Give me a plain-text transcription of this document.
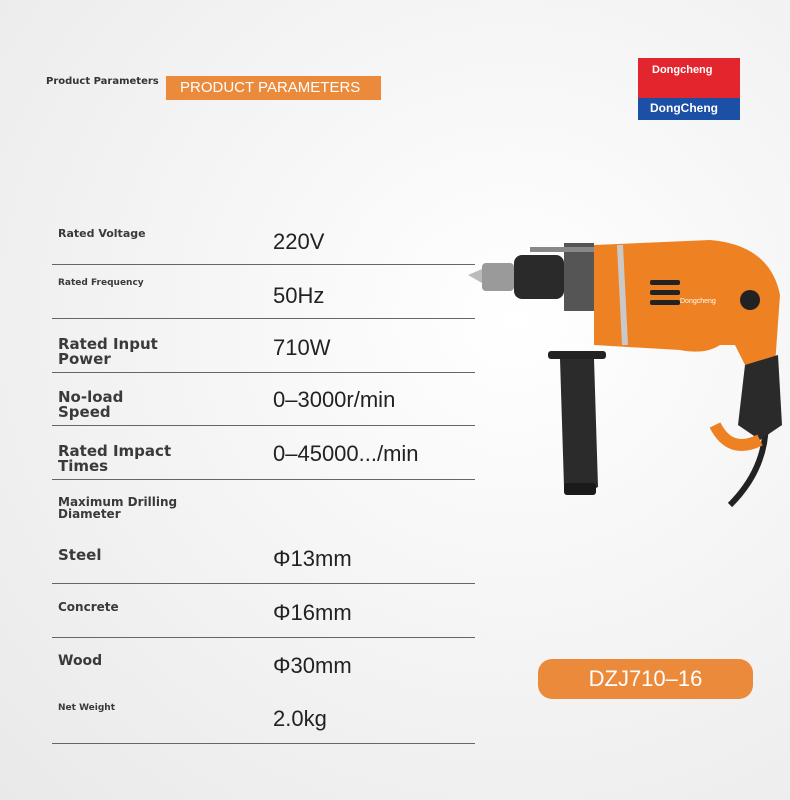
Product Parameters	PRODUCT PARAMETERS
Dongcheng
DongCheng
Rated Voltage	220V
Rated Frequency	50Hz
Rated Input Power	710W
No-load Speed	0–3000r/min
Rated Impact Times	0–45000.../min
Maximum Drilling Diameter
Steel	Φ13mm
Concrete	Φ16mm
Wood	Φ30mm
Net Weight	2.0kg
Dongcheng
DZJ710–16
